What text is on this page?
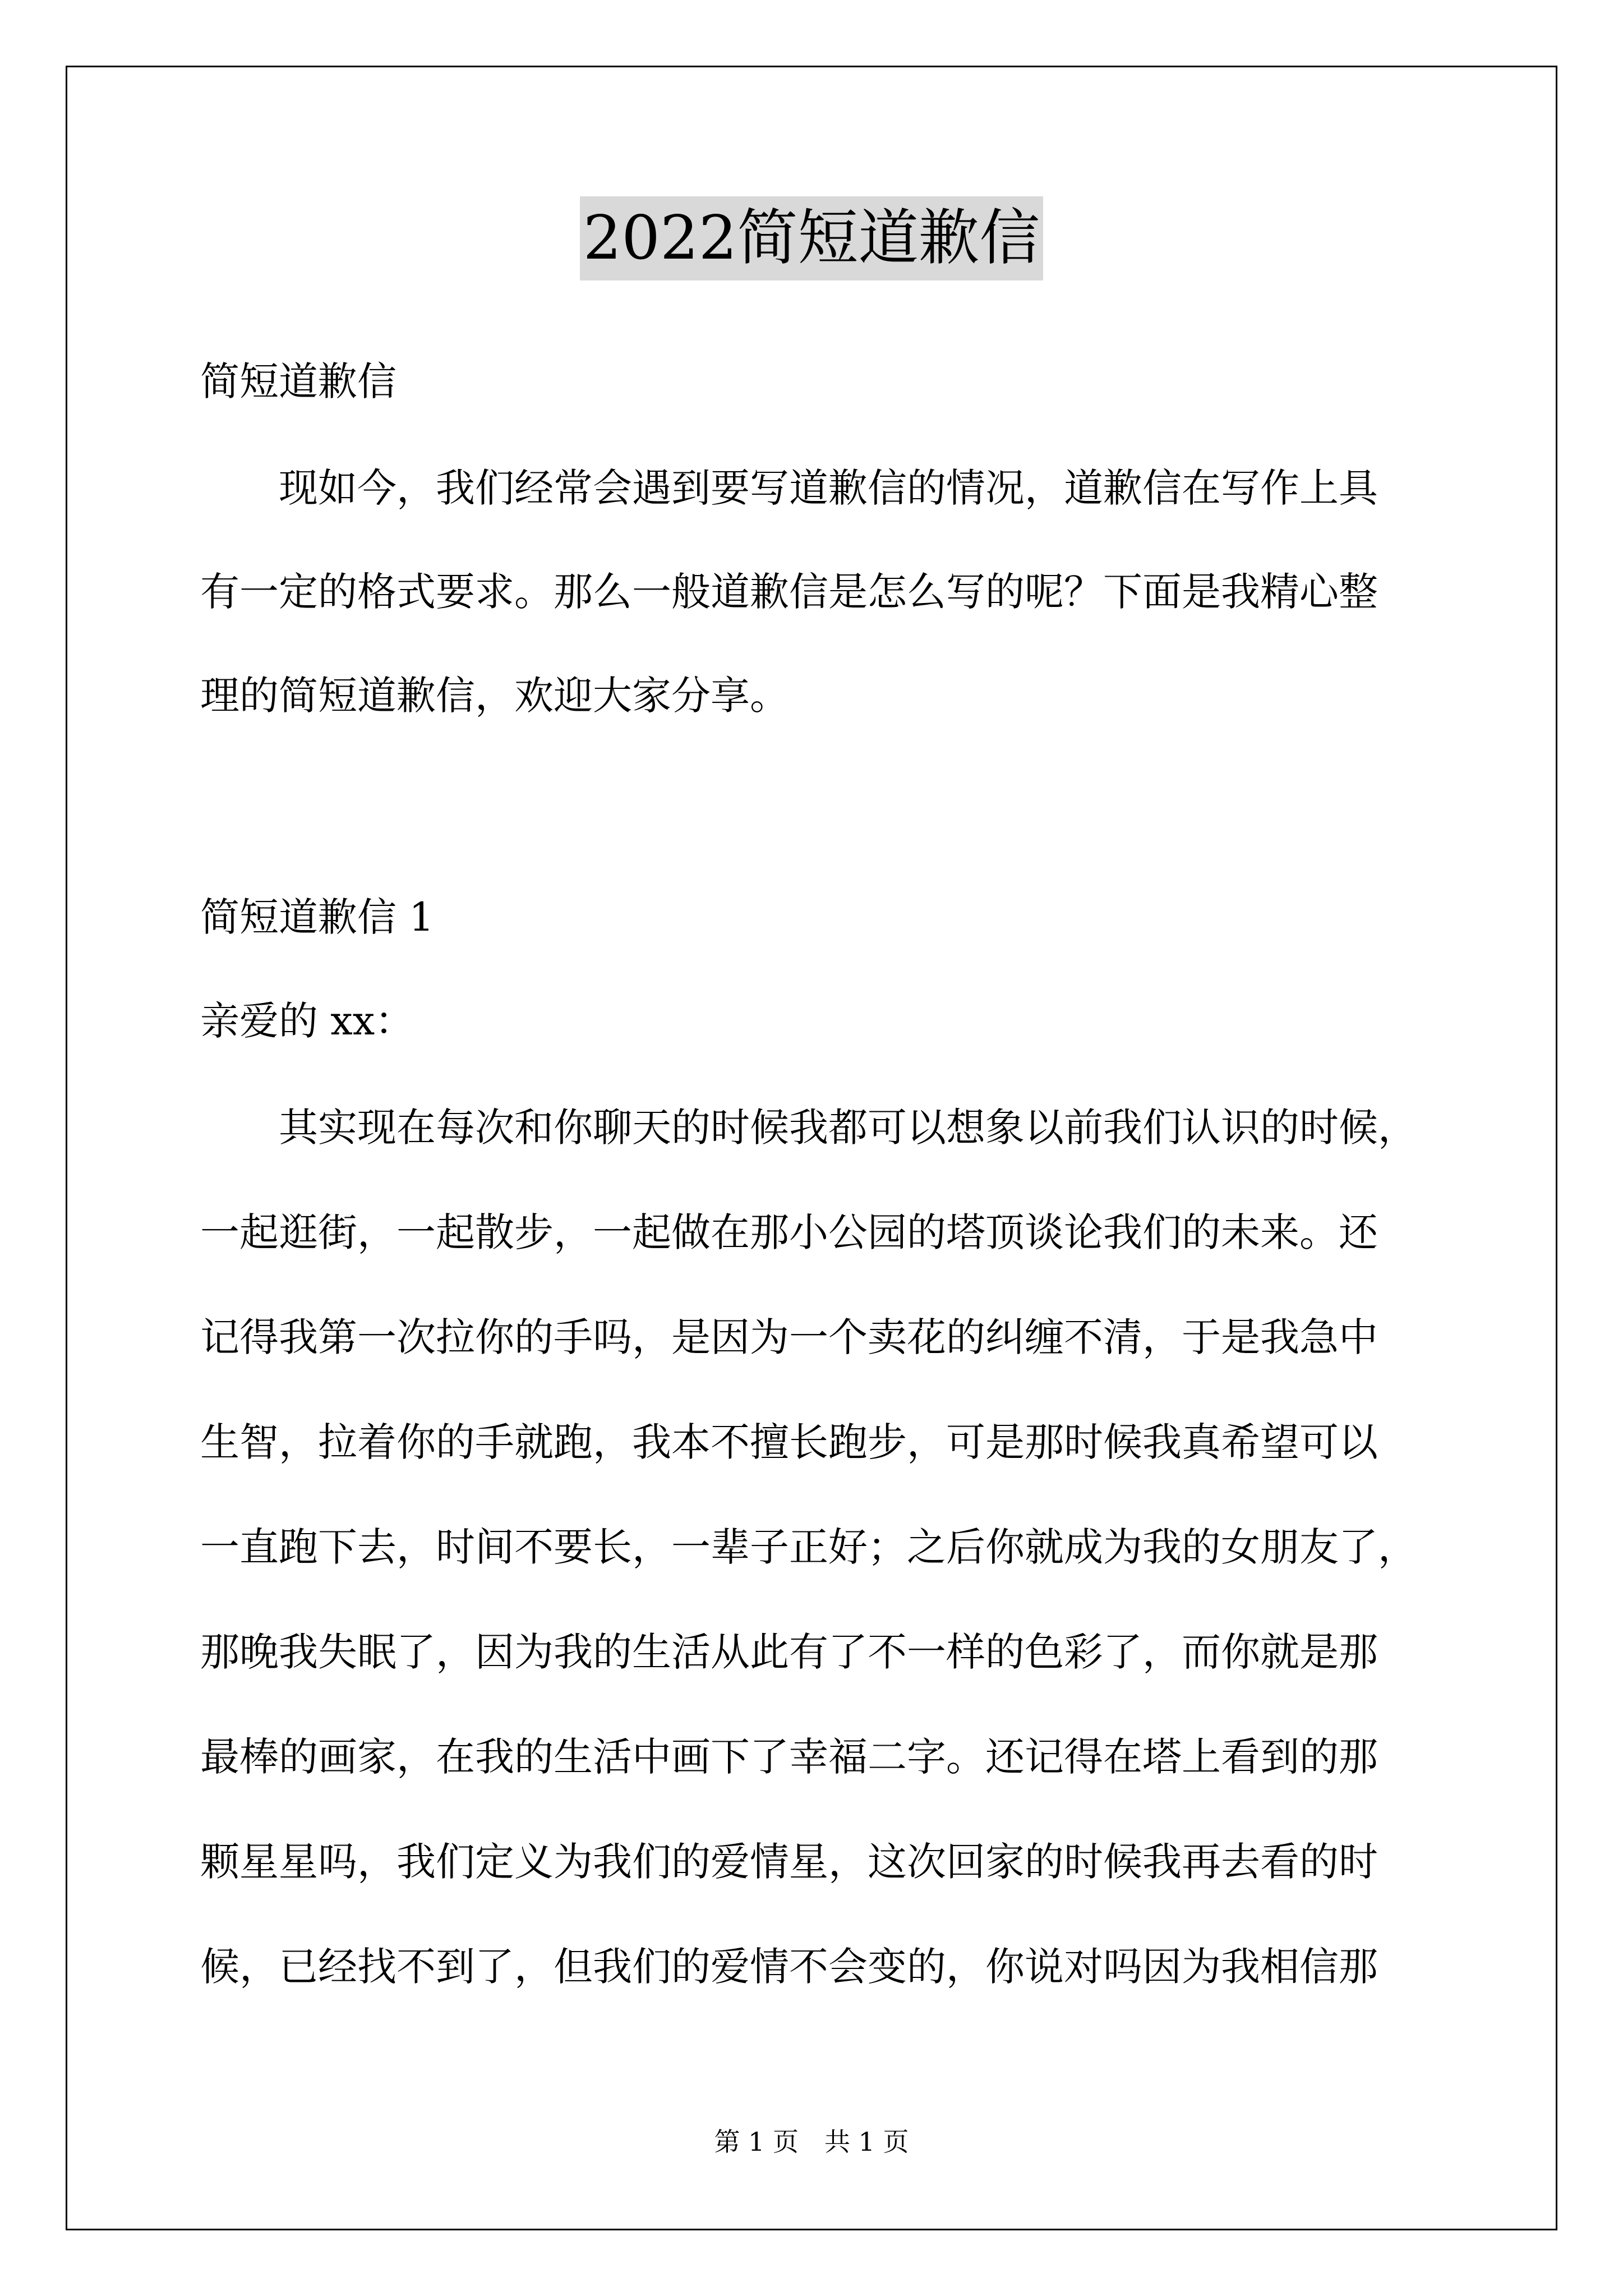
2022简短道歉信
简短道歉信
　　现如今，我们经常会遇到要写道歉信的情况，道歉信在写作上具
有一定的格式要求。那么一般道歉信是怎么写的呢？下面是我精心整
理的简短道歉信，欢迎大家分享。
简短道歉信 1
亲爱的 xx：
　　其实现在每次和你聊天的时候我都可以想象以前我们认识的时候，
一起逛街，一起散步，一起做在那小公园的塔顶谈论我们的未来。还
记得我第一次拉你的手吗，是因为一个卖花的纠缠不清，于是我急中
生智，拉着你的手就跑，我本不擅长跑步，可是那时候我真希望可以
一直跑下去，时间不要长，一辈子正好；之后你就成为我的女朋友了，
那晚我失眠了，因为我的生活从此有了不一样的色彩了，而你就是那
最棒的画家，在我的生活中画下了幸福二字。还记得在塔上看到的那
颗星星吗，我们定义为我们的爱情星，这次回家的时候我再去看的时
候，已经找不到了，但我们的爱情不会变的，你说对吗因为我相信那
第 1 页　共 1 页
